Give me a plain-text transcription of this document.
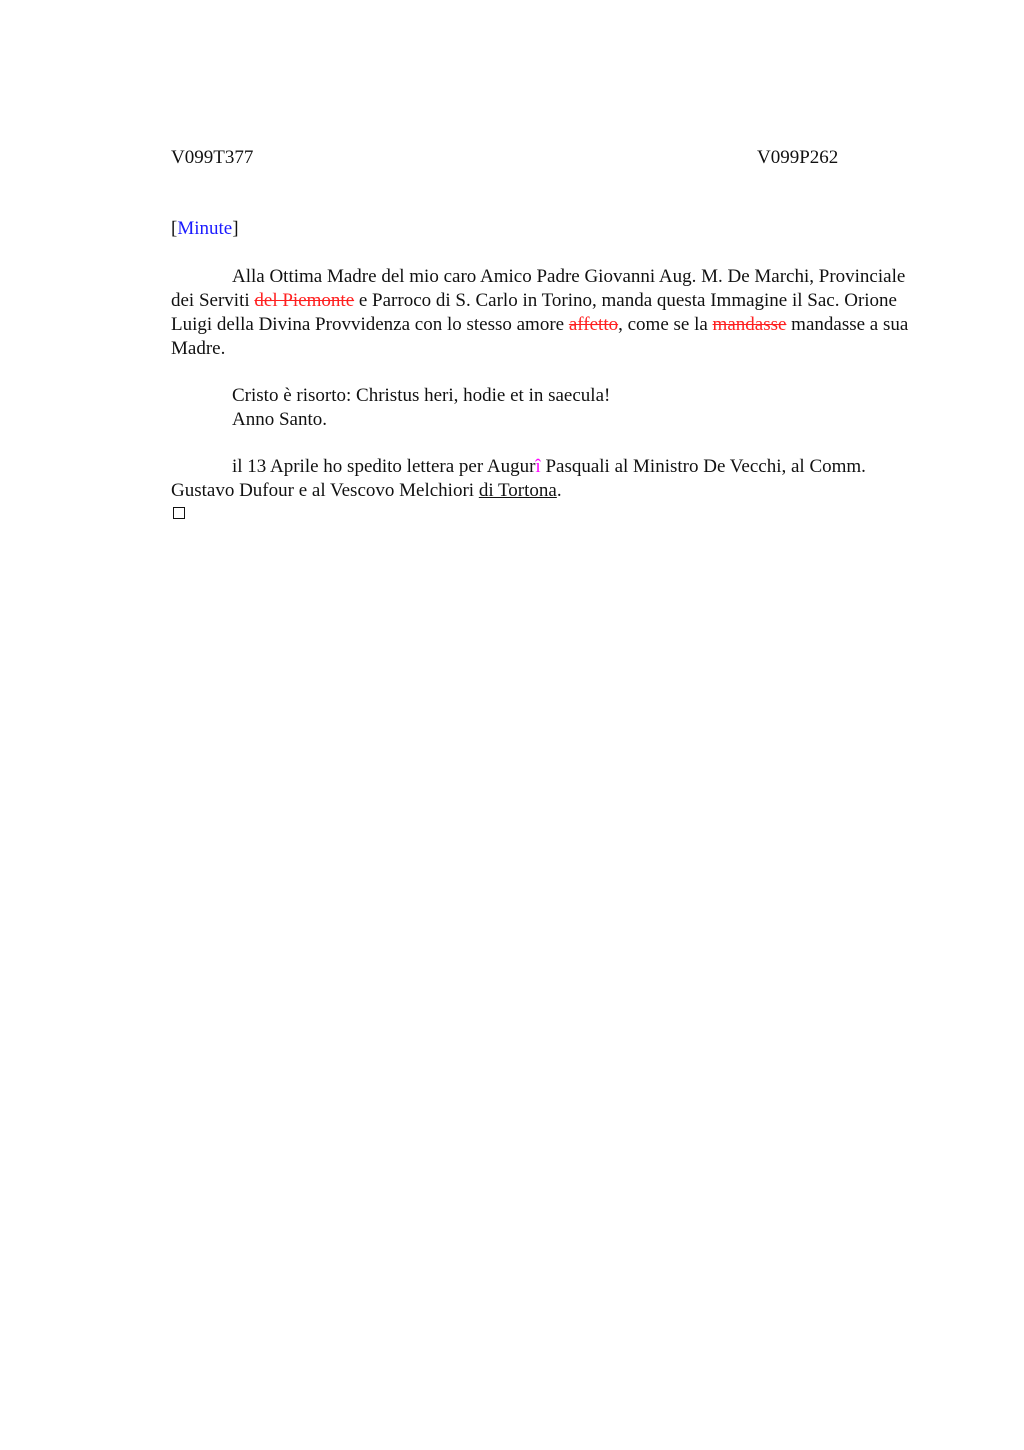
V099T377	V099P262
[Minute]

Alla Ottima Madre del mio caro Amico Padre Giovanni Aug. M. De Marchi, Provinciale dei Serviti del Piemonte e Parroco di S. Carlo in Torino, manda questa Immagine il Sac. Orione Luigi della Divina Provvidenza con lo stesso amore affetto, come se la mandasse mandasse a sua Madre.

Cristo è risorto: Christus heri, hodie et in saecula!
Anno Santo.

il 13 Aprile ho spedito lettera per Augurî Pasquali al Ministro De Vecchi, al Comm. Gustavo Dufour e al Vescovo Melchiori di Tortona.
